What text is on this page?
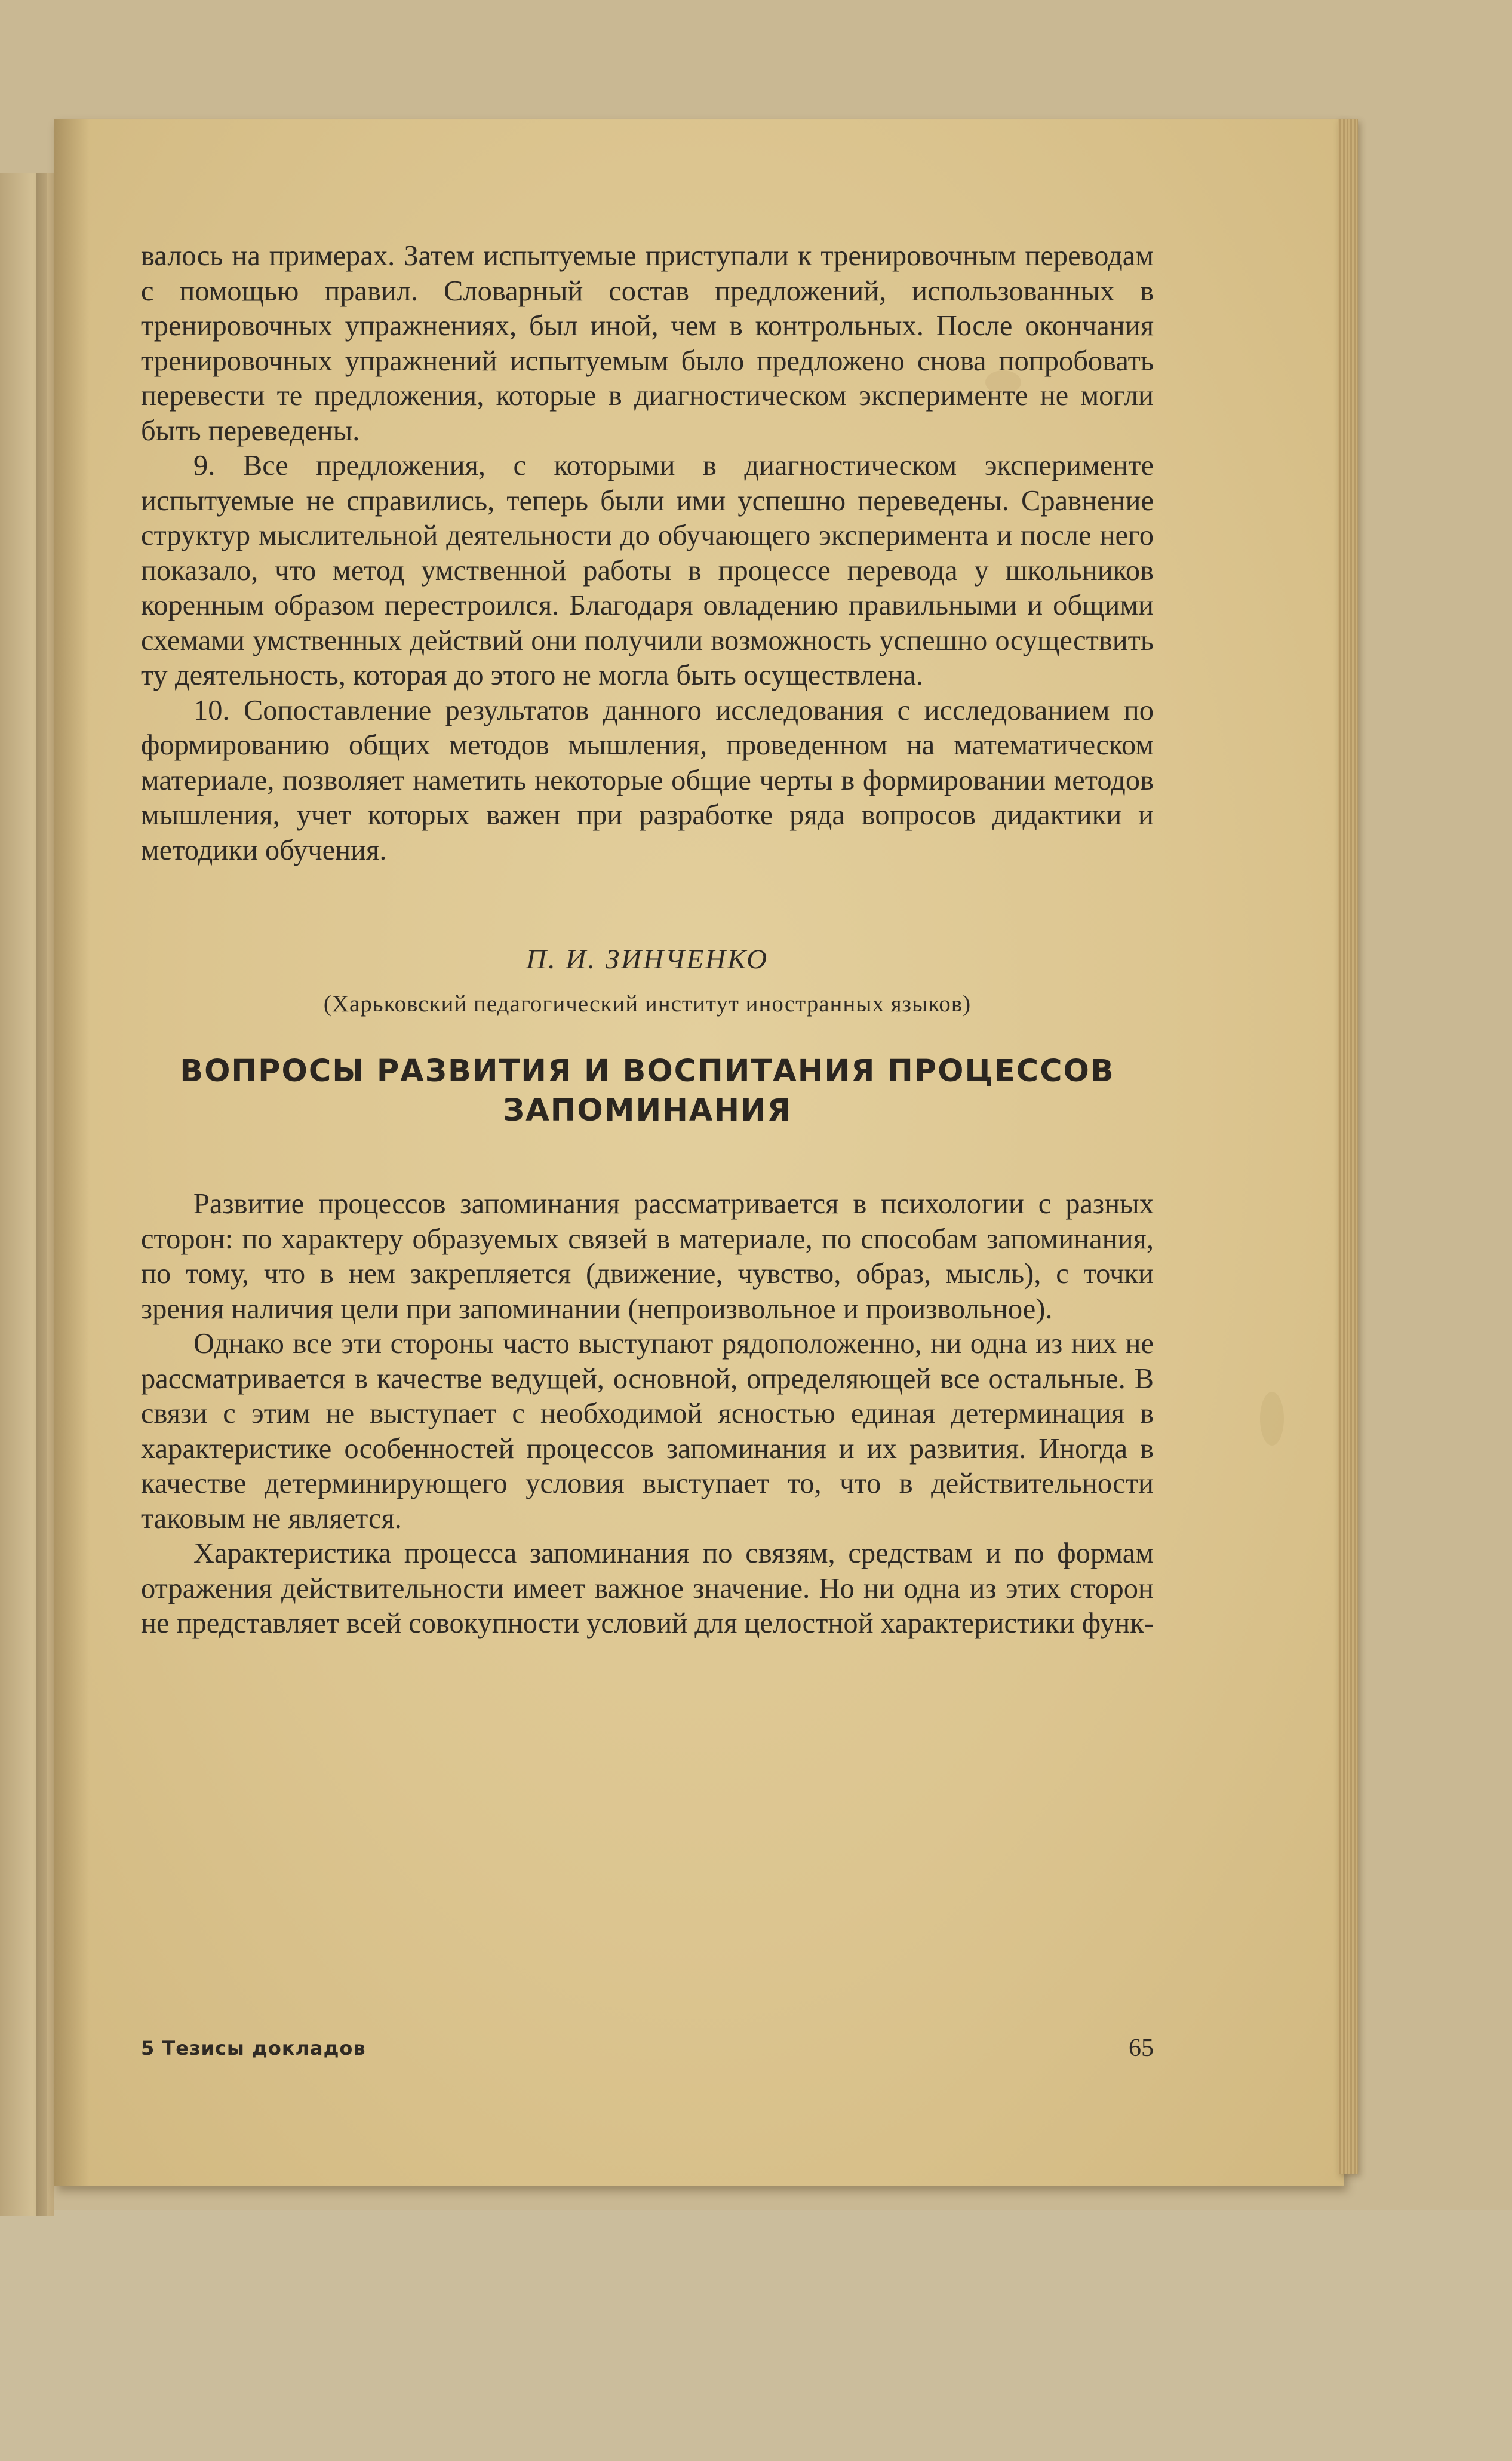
валось на примерах. Затем испытуемые приступали к тренировочным переводам с помощью правил. Словарный состав предложений, использованных в тренировочных упражнениях, был иной, чем в контрольных. После окончания тренировочных упражнений испытуемым было предложено снова попробовать перевести те предложения, которые в диагностическом эксперименте не могли быть переведены.

9. Все предложения, с которыми в диагностическом эксперименте испытуемые не справились, теперь были ими успешно переведены. Сравнение структур мыслительной деятельности до обучающего эксперимента и после него показало, что метод умственной работы в процессе перевода у школьников коренным образом перестроился. Благодаря овладению правильными и общими схемами умственных действий они получили возможность успешно осуществить ту деятельность, которая до этого не могла быть осуществлена.

10. Сопоставление результатов данного исследования с исследованием по формированию общих методов мышления, проведенном на математическом материале, позволяет наметить некоторые общие черты в формировании методов мышления, учет которых важен при разработке ряда вопросов дидактики и методики обучения.

П. И. ЗИНЧЕНКО

(Харьковский педагогический институт иностранных языков)

ВОПРОСЫ РАЗВИТИЯ И ВОСПИТАНИЯ ПРОЦЕССОВ ЗАПОМИНАНИЯ

Развитие процессов запоминания рассматривается в психологии с разных сторон: по характеру образуемых связей в материале, по способам запоминания, по тому, что в нем закрепляется (движение, чувство, образ, мысль), с точки зрения наличия цели при запоминании (непроизвольное и произвольное).

Однако все эти стороны часто выступают рядоположенно, ни одна из них не рассматривается в качестве ведущей, основной, определяющей все остальные. В связи с этим не выступает с необходимой ясностью единая детерминация в характеристике особенностей процессов запоминания и их развития. Иногда в качестве детерминирующего условия выступает то, что в действительности таковым не является.

Характеристика процесса запоминания по связям, средствам и по формам отражения действительности имеет важное значение. Но ни одна из этих сторон не представляет всей совокупности условий для целостной характеристики функ-

5 Тезисы докладов	65
